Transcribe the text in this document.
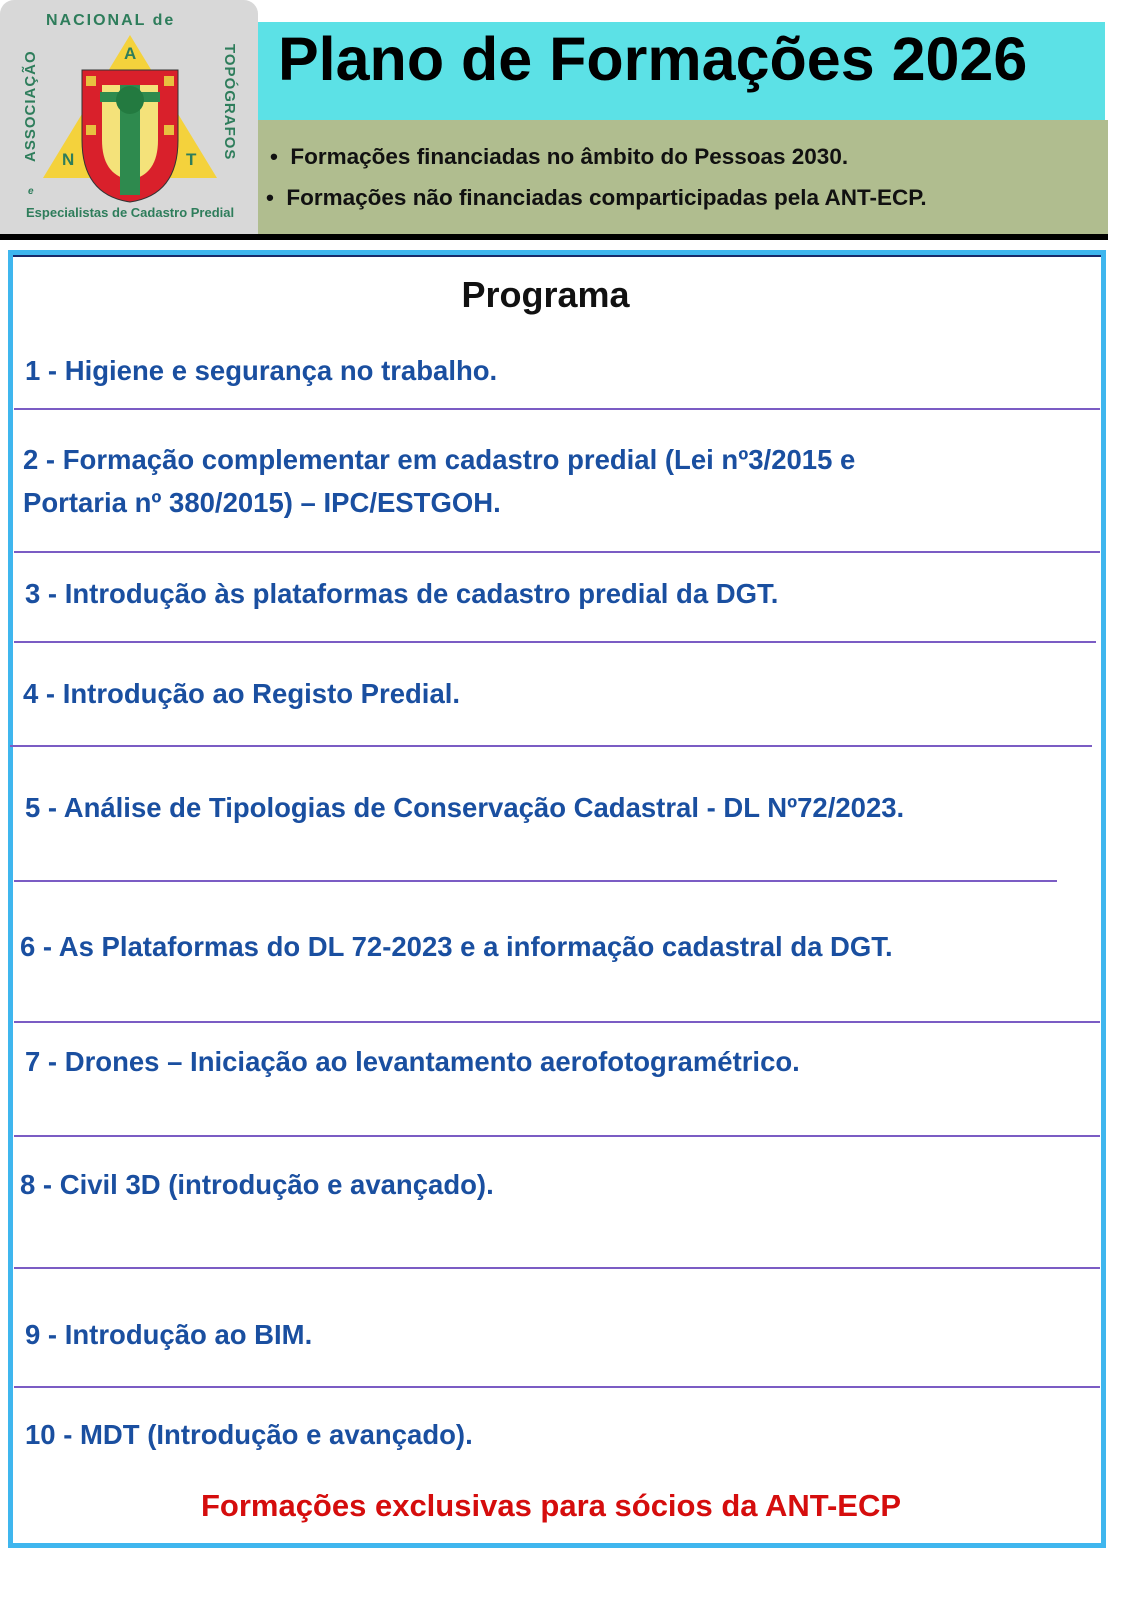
NACIONAL de
ASSOCIAÇÃO	TOPÓGRAFOS
A
N	T
e
Especialistas de Cadastro Predial
Plano de Formações 2026
•  Formações financiadas no âmbito do Pessoas 2030.
•  Formações não financiadas comparticipadas pela ANT-ECP.
Programa
1 - Higiene e segurança no trabalho.
2 - Formação complementar em cadastro predial (Lei nº3/2015 e
Portaria nº 380/2015) – IPC/ESTGOH.
3 - Introdução às plataformas de cadastro predial da DGT.
4 - Introdução ao Registo Predial.
5 - Análise de Tipologias de Conservação Cadastral - DL Nº72/2023.
6 - As Plataformas do DL 72-2023 e a informação cadastral da DGT.
7 - Drones – Iniciação ao levantamento aerofotogramétrico.
8 - Civil 3D (introdução e avançado).
9 - Introdução ao BIM.
10 - MDT (Introdução e avançado).
Formações exclusivas para sócios da ANT-ECP
